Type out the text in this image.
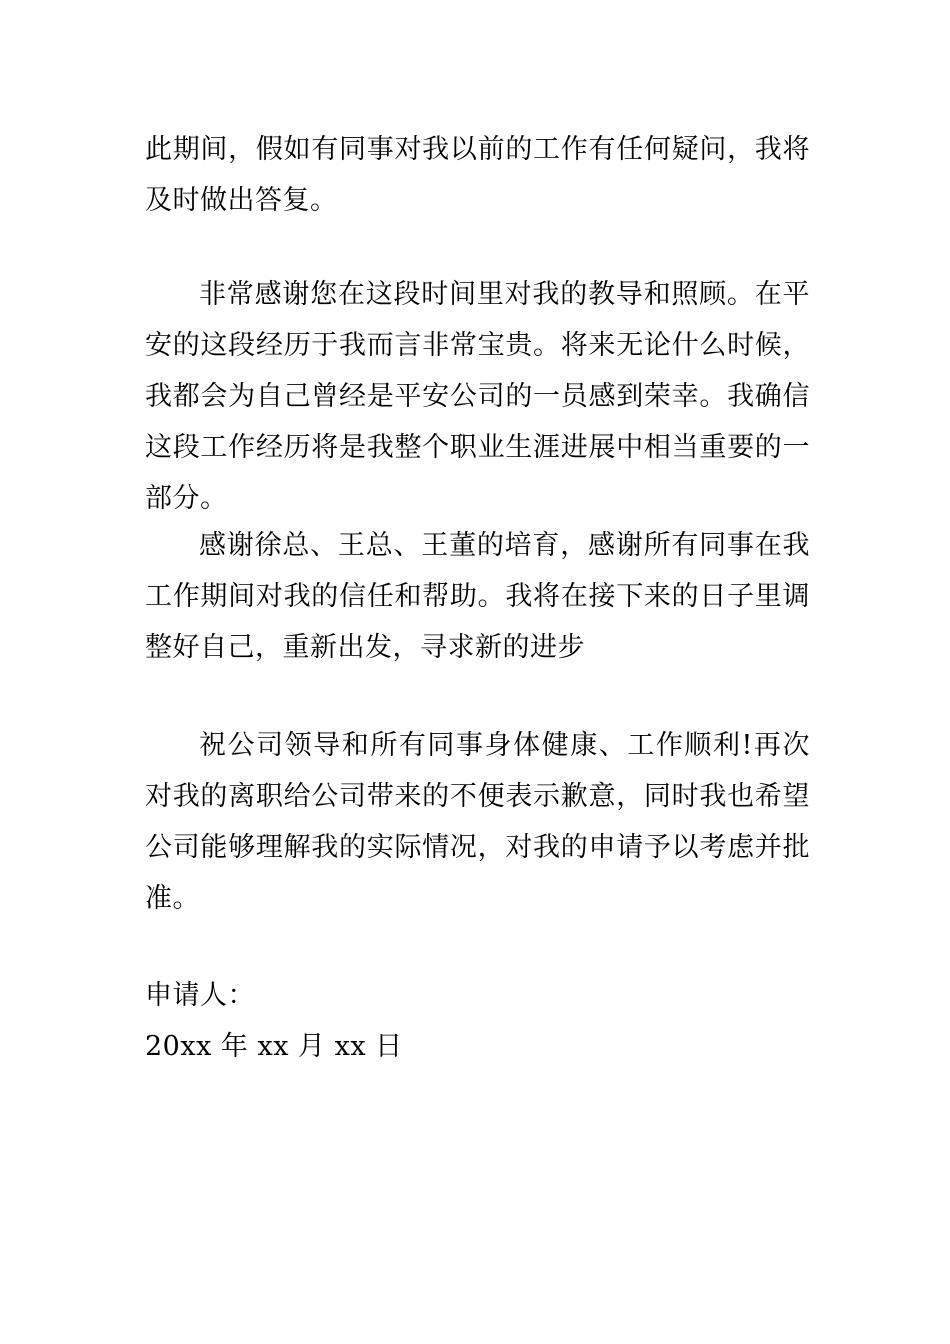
此期间，假如有同事对我以前的工作有任何疑问，我将及时做出答复。

非常感谢您在这段时间里对我的教导和照顾。在平安的这段经历于我而言非常宝贵。将来无论什么时候，我都会为自己曾经是平安公司的一员感到荣幸。我确信这段工作经历将是我整个职业生涯进展中相当重要的一部分。

感谢徐总、王总、王董的培育，感谢所有同事在我工作期间对我的信任和帮助。我将在接下来的日子里调整好自己，重新出发，寻求新的进步

祝公司领导和所有同事身体健康、工作顺利!再次对我的离职给公司带来的不便表示歉意，同时我也希望公司能够理解我的实际情况，对我的申请予以考虑并批准。

申请人：
20xx 年 xx 月 xx 日
